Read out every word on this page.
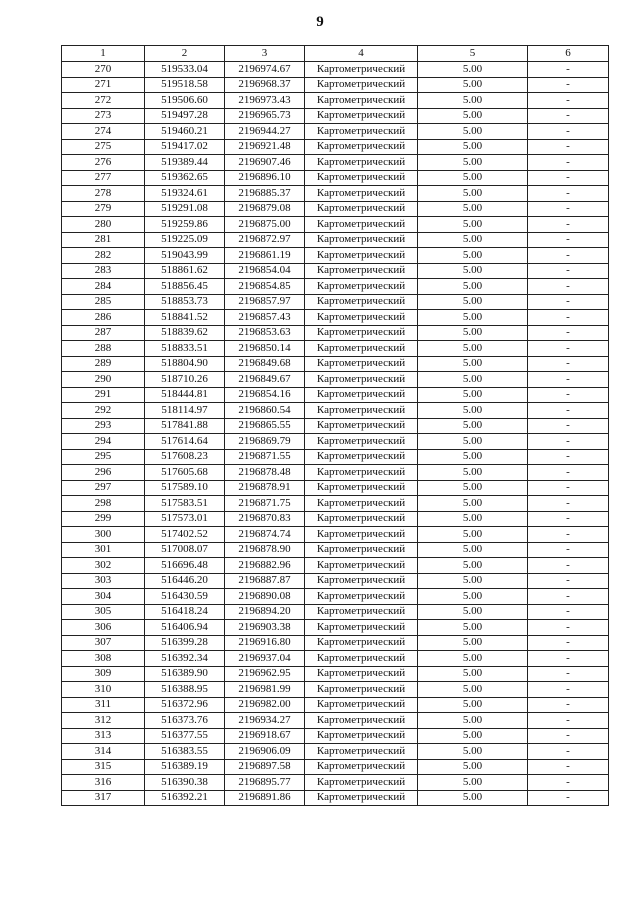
9
1	2	3	4	5	6
270	519533.04	2196974.67	Картометрический	5.00	-
271	519518.58	2196968.37	Картометрический	5.00	-
272	519506.60	2196973.43	Картометрический	5.00	-
273	519497.28	2196965.73	Картометрический	5.00	-
274	519460.21	2196944.27	Картометрический	5.00	-
275	519417.02	2196921.48	Картометрический	5.00	-
276	519389.44	2196907.46	Картометрический	5.00	-
277	519362.65	2196896.10	Картометрический	5.00	-
278	519324.61	2196885.37	Картометрический	5.00	-
279	519291.08	2196879.08	Картометрический	5.00	-
280	519259.86	2196875.00	Картометрический	5.00	-
281	519225.09	2196872.97	Картометрический	5.00	-
282	519043.99	2196861.19	Картометрический	5.00	-
283	518861.62	2196854.04	Картометрический	5.00	-
284	518856.45	2196854.85	Картометрический	5.00	-
285	518853.73	2196857.97	Картометрический	5.00	-
286	518841.52	2196857.43	Картометрический	5.00	-
287	518839.62	2196853.63	Картометрический	5.00	-
288	518833.51	2196850.14	Картометрический	5.00	-
289	518804.90	2196849.68	Картометрический	5.00	-
290	518710.26	2196849.67	Картометрический	5.00	-
291	518444.81	2196854.16	Картометрический	5.00	-
292	518114.97	2196860.54	Картометрический	5.00	-
293	517841.88	2196865.55	Картометрический	5.00	-
294	517614.64	2196869.79	Картометрический	5.00	-
295	517608.23	2196871.55	Картометрический	5.00	-
296	517605.68	2196878.48	Картометрический	5.00	-
297	517589.10	2196878.91	Картометрический	5.00	-
298	517583.51	2196871.75	Картометрический	5.00	-
299	517573.01	2196870.83	Картометрический	5.00	-
300	517402.52	2196874.74	Картометрический	5.00	-
301	517008.07	2196878.90	Картометрический	5.00	-
302	516696.48	2196882.96	Картометрический	5.00	-
303	516446.20	2196887.87	Картометрический	5.00	-
304	516430.59	2196890.08	Картометрический	5.00	-
305	516418.24	2196894.20	Картометрический	5.00	-
306	516406.94	2196903.38	Картометрический	5.00	-
307	516399.28	2196916.80	Картометрический	5.00	-
308	516392.34	2196937.04	Картометрический	5.00	-
309	516389.90	2196962.95	Картометрический	5.00	-
310	516388.95	2196981.99	Картометрический	5.00	-
311	516372.96	2196982.00	Картометрический	5.00	-
312	516373.76	2196934.27	Картометрический	5.00	-
313	516377.55	2196918.67	Картометрический	5.00	-
314	516383.55	2196906.09	Картометрический	5.00	-
315	516389.19	2196897.58	Картометрический	5.00	-
316	516390.38	2196895.77	Картометрический	5.00	-
317	516392.21	2196891.86	Картометрический	5.00	-
